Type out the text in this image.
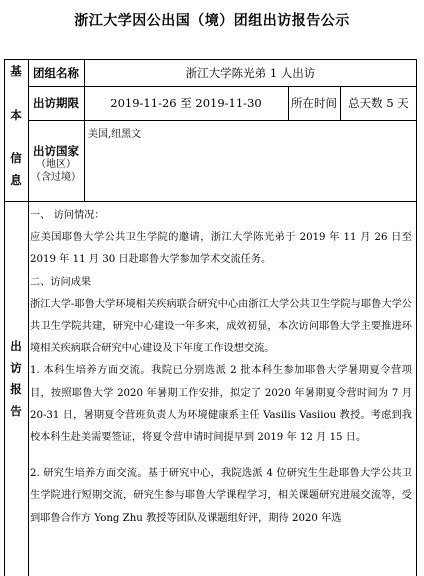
浙江大学因公出国（境）团组出访报告公示
基
本
信
息
团组名称	浙江大学陈光弟 1 人出访
出访期限	2019-11-26 至 2019-11-30	所在时间 总天数 5 天
出访国家
（地区）
（含过境）
美国,纽黑文
出
访
报
告

一、 访问情况：

应美国耶鲁大学公共卫生学院的邀请，浙江大学陈光弟于 2019 年 11 月 26 日至 2019 年 11 月 30 日赴耶鲁大学参加学术交流任务。

二、访问成果

浙江大学-耶鲁大学环境相关疾病联合研究中心由浙江大学公共卫生学院与耶鲁大学公共卫生学院共建，研究中心建设一年多来，成效初显，本次访问耶鲁大学主要推进环境相关疾病联合研究中心建设及下年度工作设想交流。

1. 本科生培养方面交流。我院已分别选派 2 批本科生参加耶鲁大学暑期夏令营项目，按照耶鲁大学 2020 年暑期工作安排，拟定了 2020 年暑期夏令营时间为 7 月 20-31 日，暑期夏令营班负责人为环境健康系主任 Vasilis Vasiiou 教授。考虑到我校本科生赴美需要签证，将夏令营申请时间提早到 2019 年 12 月 15 日。

2. 研究生培养方面交流。基于研究中心，我院选派 4 位研究生生赴耶鲁大学公共卫生学院进行短期交流，研究生参与耶鲁大学课程学习，相关课题研究进展交流等，受到耶鲁合作方 Yong Zhu 教授等团队及课题组好评，期待 2020 年选
